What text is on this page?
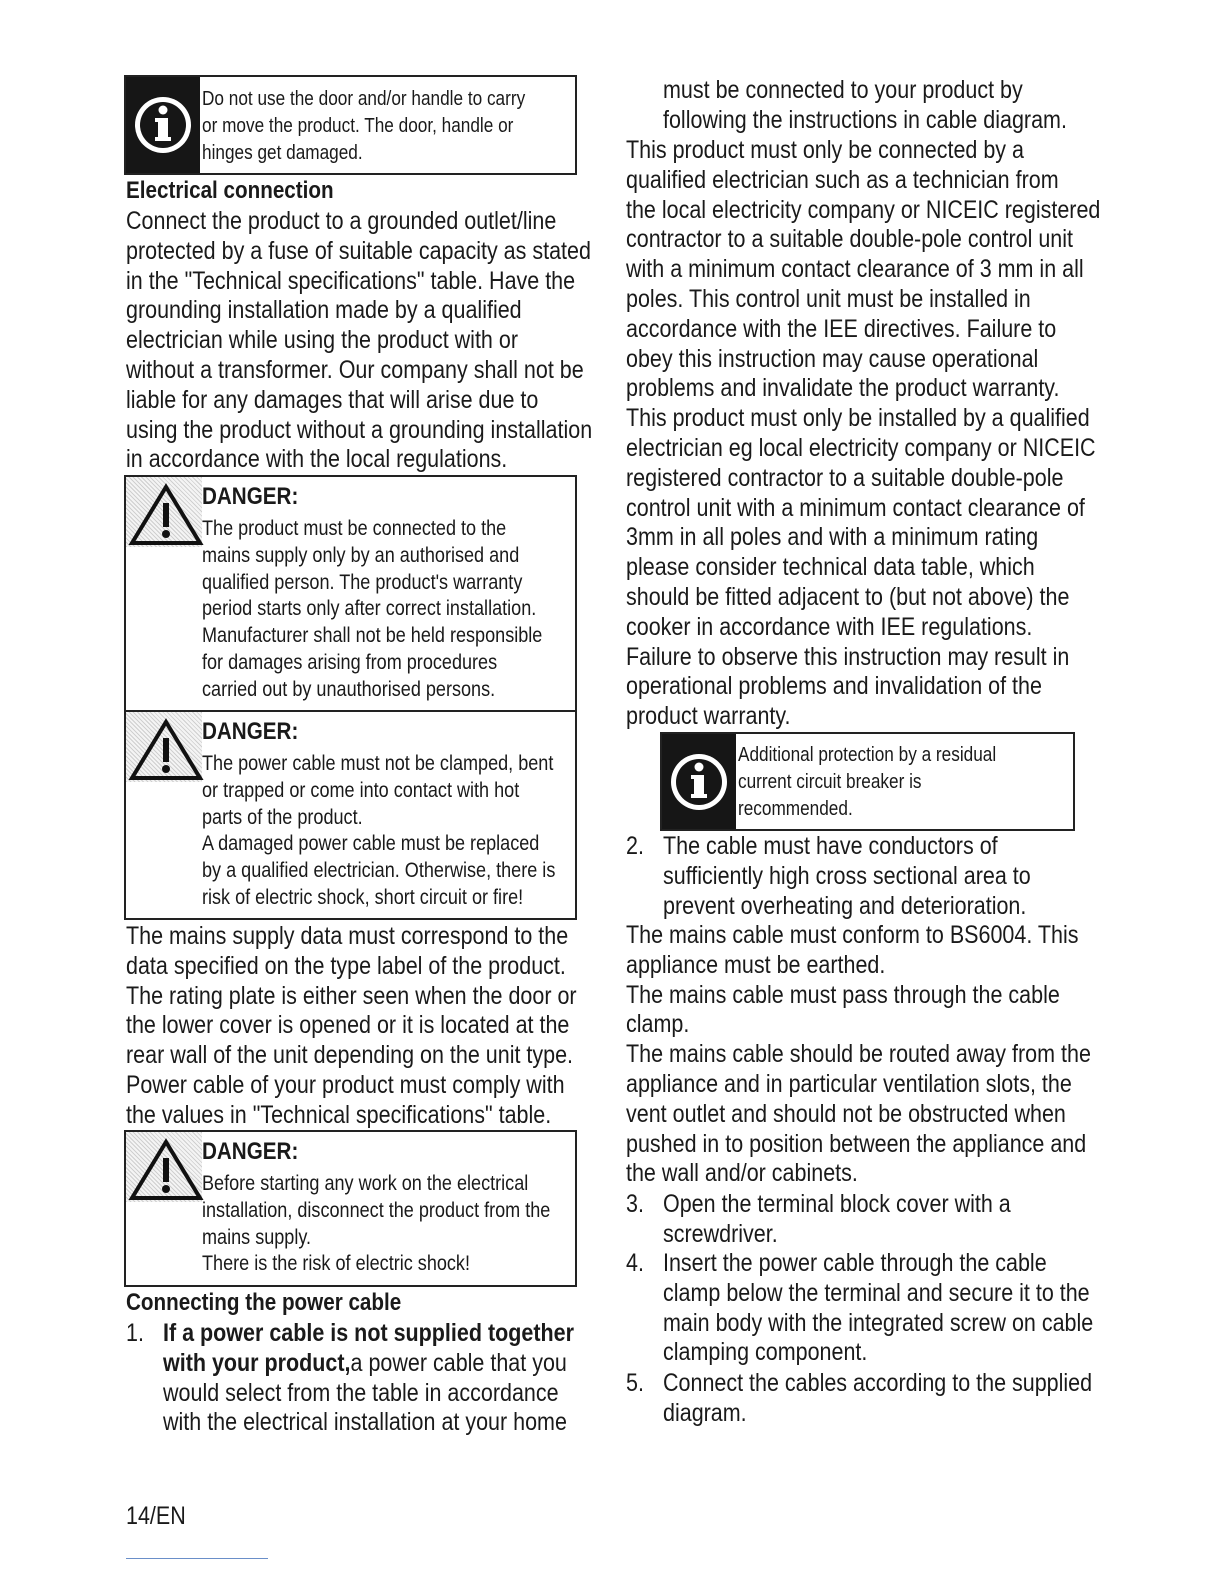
Do not use the door and/or handle to carry
or move the product. The door, handle or
hinges get damaged.
Electrical connection
Connect the product to a grounded outlet/line
protected by a fuse of suitable capacity as stated
in the "Technical specifications" table. Have the
grounding installation made by a qualified
electrician while using the product with or
without a transformer. Our company shall not be
liable for any damages that will arise due to
using the product without a grounding installation
in accordance with the local regulations.
DANGER:
The product must be connected to the
mains supply only by an authorised and
qualified person. The product's warranty
period starts only after correct installation.
Manufacturer shall not be held responsible
for damages arising from procedures
carried out by unauthorised persons.
DANGER:
The power cable must not be clamped, bent
or trapped or come into contact with hot
parts of the product.
A damaged power cable must be replaced
by a qualified electrician. Otherwise, there is
risk of electric shock, short circuit or fire!
The mains supply data must correspond to the
data specified on the type label of the product.
The rating plate is either seen when the door or
the lower cover is opened or it is located at the
rear wall of the unit depending on the unit type.
Power cable of your product must comply with
the values in "Technical specifications" table.
DANGER:
Before starting any work on the electrical
installation, disconnect the product from the
mains supply.
There is the risk of electric shock!
Connecting the power cable
1. If a power cable is not supplied together
with your product,a power cable that you
would select from the table in accordance
with the electrical installation at your home
must be connected to your product by
following the instructions in cable diagram.
This product must only be connected by a
qualified electrician such as a technician from
the local electricity company or NICEIC registered
contractor to a suitable double-pole control unit
with a minimum contact clearance of 3 mm in all
poles. This control unit must be installed in
accordance with the IEE directives. Failure to
obey this instruction may cause operational
problems and invalidate the product warranty.
This product must only be installed by a qualified
electrician eg local electricity company or NICEIC
registered contractor to a suitable double-pole
control unit with a minimum contact clearance of
3mm in all poles and with a minimum rating
please consider technical data table, which
should be fitted adjacent to (but not above) the
cooker in accordance with IEE regulations.
Failure to observe this instruction may result in
operational problems and invalidation of the
product warranty.
Additional protection by a residual
current circuit breaker is
recommended.
2. The cable must have conductors of
sufficiently high cross sectional area to
prevent overheating and deterioration.
The mains cable must conform to BS6004. This
appliance must be earthed.
The mains cable must pass through the cable
clamp.
The mains cable should be routed away from the
appliance and in particular ventilation slots, the
vent outlet and should not be obstructed when
pushed in to position between the appliance and
the wall and/or cabinets.
3. Open the terminal block cover with a
screwdriver.
4. Insert the power cable through the cable
clamp below the terminal and secure it to the
main body with the integrated screw on cable
clamping component.
5. Connect the cables according to the supplied
diagram.
14/EN
